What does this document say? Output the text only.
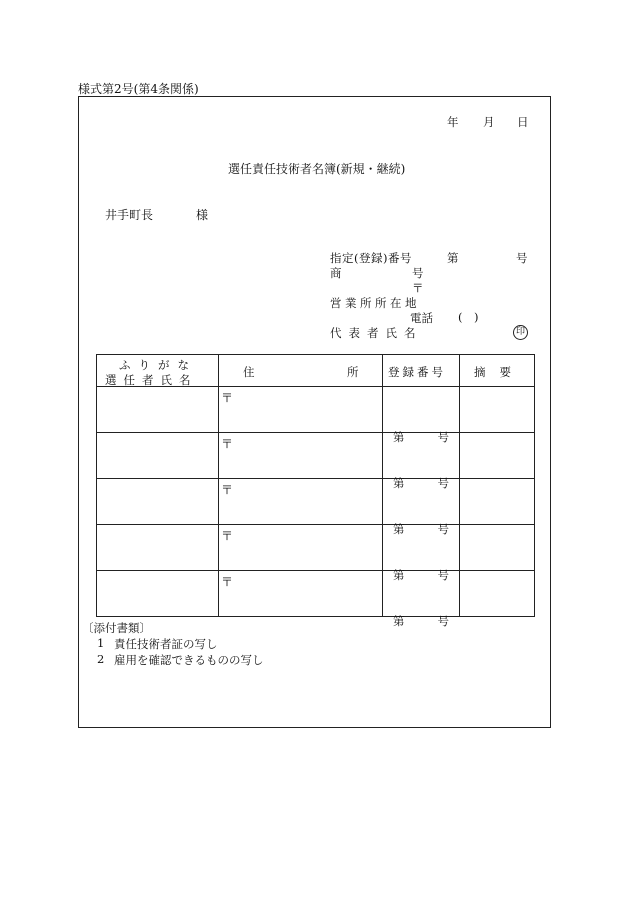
様式第2号(第4条関係)
年 月 日
選任責任技術者名簿(新規・継続)
井手町長	様
指定(登録)番号	第	号
商	号
〒
営業所所在地
電話 ( )
代表者氏名	印
ふりがな
選任者氏名	住 所	登録番号	摘要

	〒	第 号	

	〒	第 号	

	〒	第 号	

	〒	第 号	

	〒	第 号	

〔添付書類〕
1 責任技術者証の写し
2 雇用を確認できるものの写し
